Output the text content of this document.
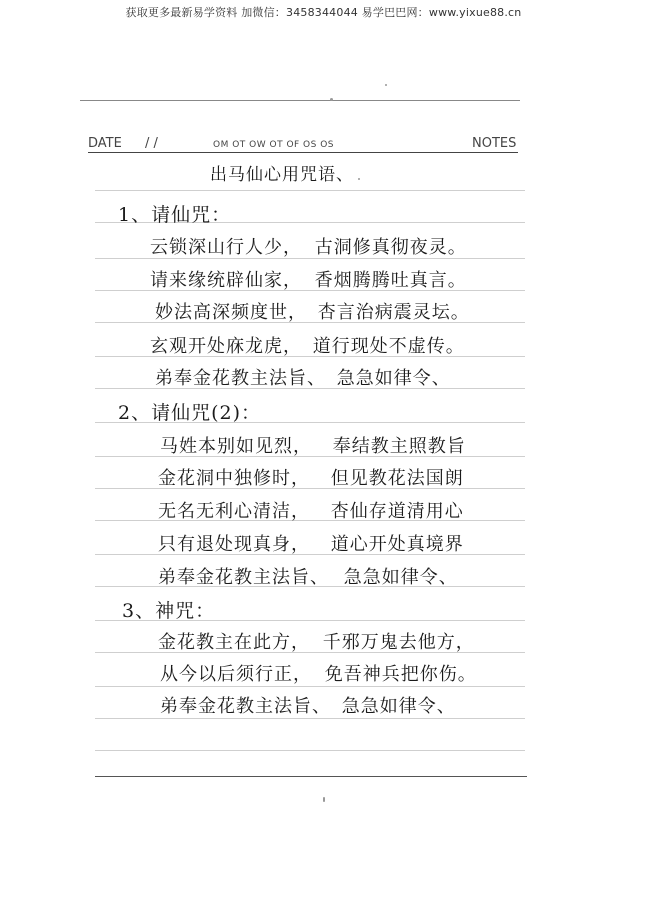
获取更多最新易学资料 加微信：3458344044 易学巴巴网：www.yixue88.cn
DATE / /	OM OT OW OT OF OS OS	NOTES
出马仙心用咒语、
1、请仙咒：
云锁深山行人少， 古洞修真彻夜灵。
请来缘统辟仙家， 香烟腾腾吐真言。
妙法高深频度世， 杏言治病震灵坛。
玄观开处庥龙虎， 道行现处不虚传。
弟奉金花教主法旨、 急急如律令、
2、请仙咒(2)：
马姓本别如见烈， 奉结教主照教旨
金花洞中独修时， 但见教花法国朗
无名无利心清洁， 杏仙存道清用心
只有退处现真身， 道心开处真境界
弟奉金花教主法旨、 急急如律令、
3、神咒：
金花教主在此方， 千邪万鬼去他方，
从今以后须行正， 免吾神兵把你伤。
弟奉金花教主法旨、 急急如律令、
